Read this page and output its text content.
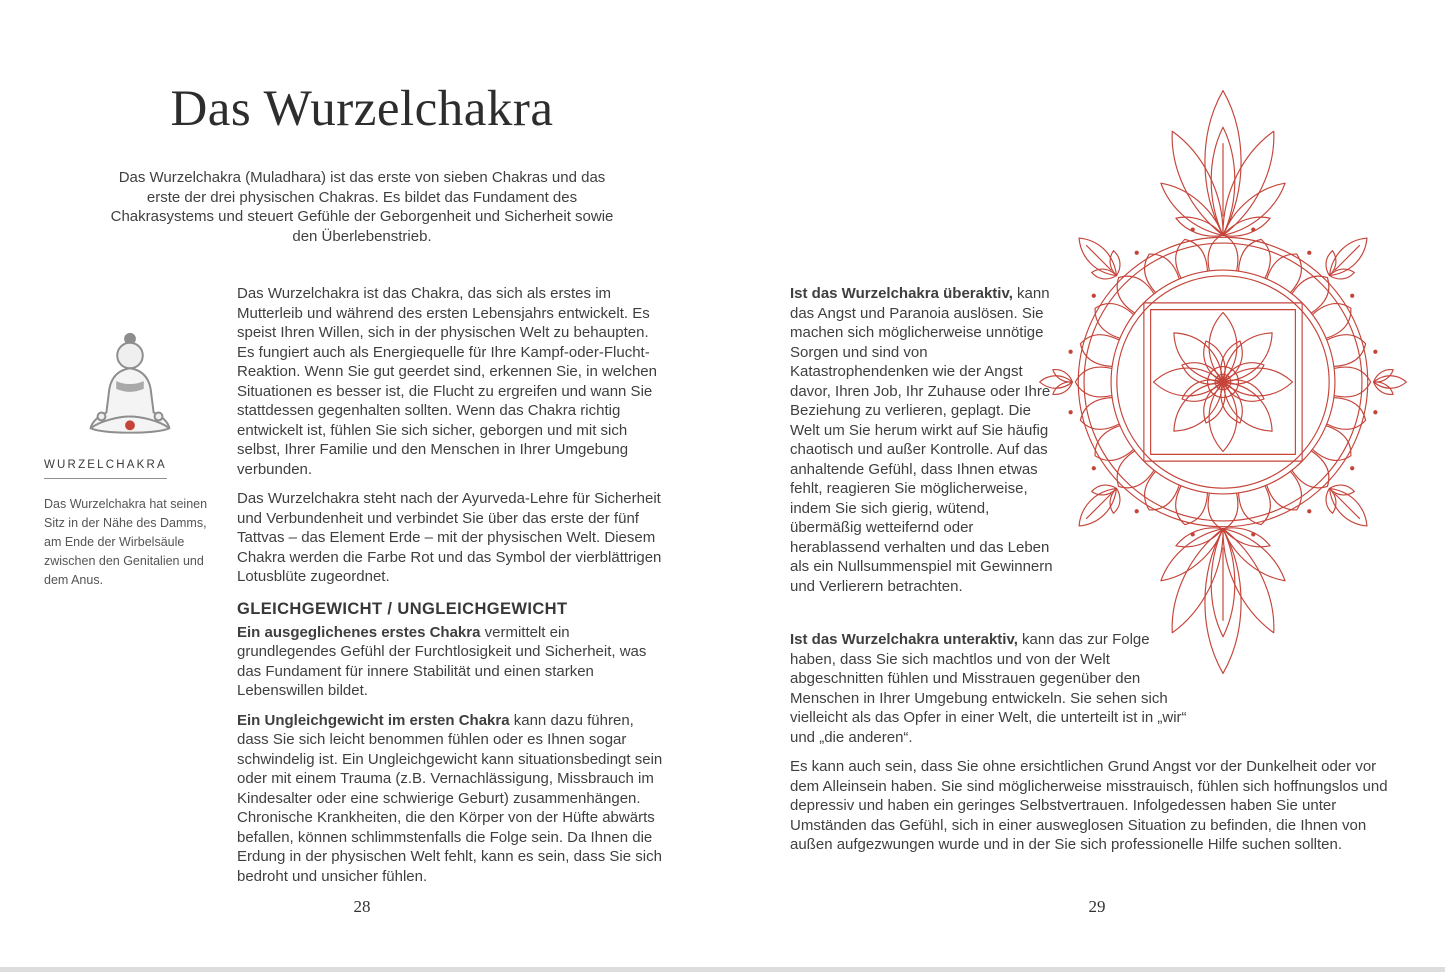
Das Wurzelchakra

Das Wurzelchakra (Muladhara) ist das erste von sieben Chakras und das erste der drei physischen Chakras. Es bildet das Fundament des Chakrasystems und steuert Gefühle der Geborgenheit und Sicherheit sowie den Überlebenstrieb.

WURZELCHAKRA

Das Wurzelchakra hat seinen Sitz in der Nähe des Damms, am Ende der Wirbelsäule zwischen den Genitalien und dem Anus.

Das Wurzelchakra ist das Chakra, das sich als erstes im Mutterleib und während des ersten Lebensjahrs entwickelt. Es speist Ihren Willen, sich in der physischen Welt zu behaupten. Es fungiert auch als Energiequelle für Ihre Kampf-oder-Flucht-Reaktion. Wenn Sie gut geerdet sind, erkennen Sie, in welchen Situationen es besser ist, die Flucht zu ergreifen und wann Sie stattdessen gegenhalten sollten. Wenn das Chakra richtig entwickelt ist, fühlen Sie sich sicher, geborgen und mit sich selbst, Ihrer Familie und den Menschen in Ihrer Umgebung verbunden.

Das Wurzelchakra steht nach der Ayurveda-Lehre für Sicherheit und Verbundenheit und verbindet Sie über das erste der fünf Tattvas – das Element Erde – mit der physischen Welt. Diesem Chakra werden die Farbe Rot und das Symbol der vierblättrigen Lotusblüte zugeordnet.

GLEICHGEWICHT / UNGLEICHGEWICHT

Ein ausgeglichenes erstes Chakra vermittelt ein grundlegendes Gefühl der Furchtlosigkeit und Sicherheit, was das Fundament für innere Stabilität und einen starken Lebenswillen bildet.

Ein Ungleichgewicht im ersten Chakra kann dazu führen, dass Sie sich leicht benommen fühlen oder es Ihnen sogar schwindelig ist. Ein Ungleichgewicht kann situationsbedingt sein oder mit einem Trauma (z.B. Vernachlässigung, Missbrauch im Kindesalter oder eine schwierige Geburt) zusammenhängen. Chronische Krankheiten, die den Körper von der Hüfte abwärts befallen, können schlimmstenfalls die Folge sein. Da Ihnen die Erdung in der physischen Welt fehlt, kann es sein, dass Sie sich bedroht und unsicher fühlen.

28

Ist das Wurzelchakra überaktiv, kann das Angst und Paranoia auslösen. Sie machen sich möglicherweise unnötige Sorgen und sind von Katastrophendenken wie der Angst davor, Ihren Job, Ihr Zuhause oder Ihre Beziehung zu verlieren, geplagt. Die Welt um Sie herum wirkt auf Sie häufig chaotisch und außer Kontrolle. Auf das anhaltende Gefühl, dass Ihnen etwas fehlt, reagieren Sie möglicherweise, indem Sie sich gierig, wütend, übermäßig wetteifernd oder herablassend verhalten und das Leben als ein Nullsummenspiel mit Gewinnern und Verlierern betrachten.

Ist das Wurzelchakra unteraktiv, kann das zur Folge haben, dass Sie sich machtlos und von der Welt abgeschnitten fühlen und Misstrauen gegenüber den Menschen in Ihrer Umgebung entwickeln. Sie sehen sich vielleicht als das Opfer in einer Welt, die unterteilt ist in „wir“ und „die anderen“.

Es kann auch sein, dass Sie ohne ersichtlichen Grund Angst vor der Dunkelheit oder vor dem Alleinsein haben. Sie sind möglicherweise misstrauisch, fühlen sich hoffnungslos und depressiv und haben ein geringes Selbstvertrauen. Infolgedessen haben Sie unter Umständen das Gefühl, sich in einer ausweglosen Situation zu befinden, die Ihnen von außen aufgezwungen wurde und in der Sie sich professionelle Hilfe suchen sollten.

29
